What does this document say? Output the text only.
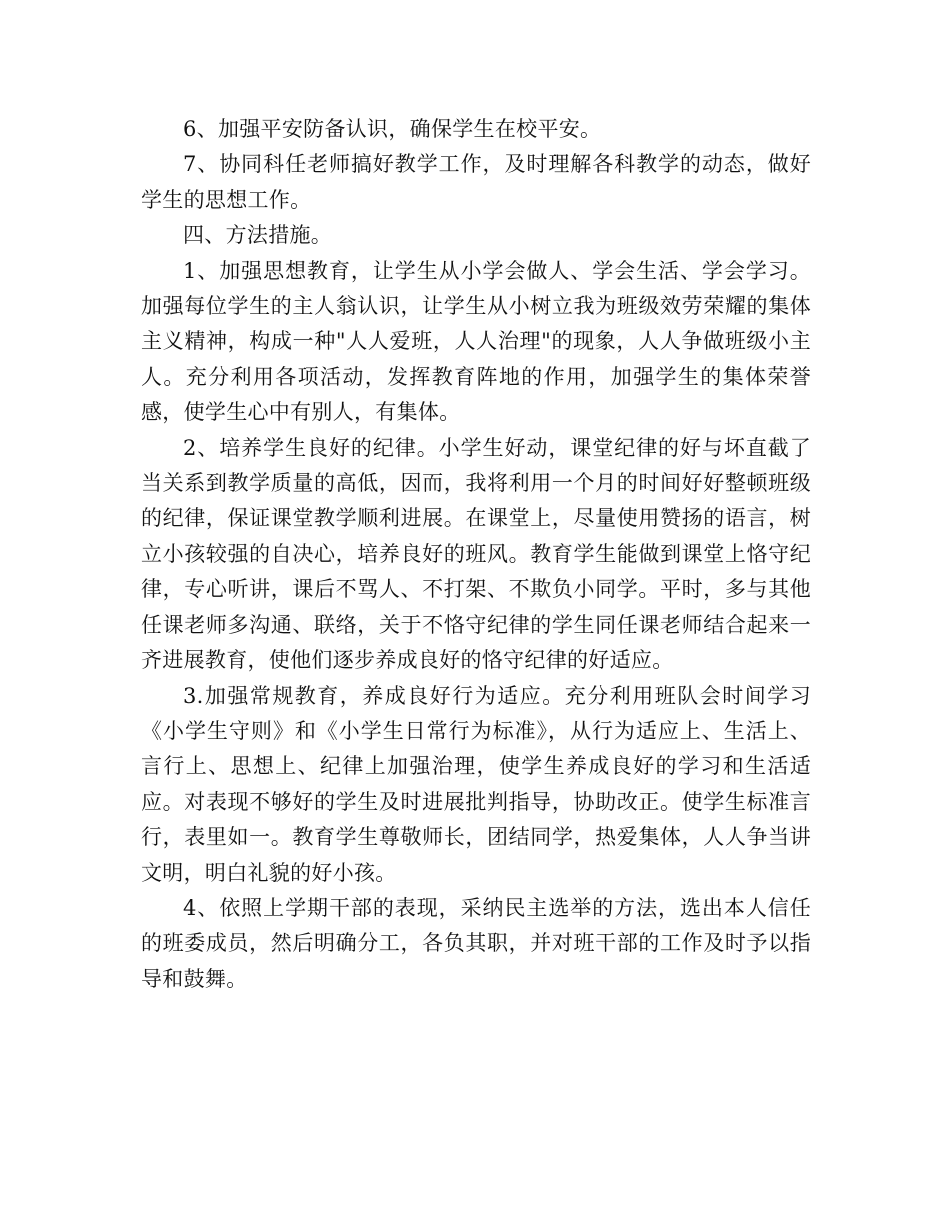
6、加强平安防备认识，确保学生在校平安。

7、协同科任老师搞好教学工作，及时理解各科教学的动态，做好学生的思想工作。

四、方法措施。

1、加强思想教育，让学生从小学会做人、学会生活、学会学习。加强每位学生的主人翁认识，让学生从小树立我为班级效劳荣耀的集体主义精神，构成一种"人人爱班，人人治理"的现象，人人争做班级小主人。充分利用各项活动，发挥教育阵地的作用，加强学生的集体荣誉感，使学生心中有别人，有集体。

2、培养学生良好的纪律。小学生好动，课堂纪律的好与坏直截了当关系到教学质量的高低，因而，我将利用一个月的时间好好整顿班级的纪律，保证课堂教学顺利进展。在课堂上，尽量使用赞扬的语言，树立小孩较强的自决心，培养良好的班风。教育学生能做到课堂上恪守纪律，专心听讲，课后不骂人、不打架、不欺负小同学。平时，多与其他任课老师多沟通、联络，关于不恪守纪律的学生同任课老师结合起来一齐进展教育，使他们逐步养成良好的恪守纪律的好适应。

3.加强常规教育，养成良好行为适应。充分利用班队会时间学习《小学生守则》和《小学生日常行为标准》，从行为适应上、生活上、言行上、思想上、纪律上加强治理，使学生养成良好的学习和生活适应。对表现不够好的学生及时进展批判指导，协助改正。使学生标准言行，表里如一。教育学生尊敬师长，团结同学，热爱集体，人人争当讲文明，明白礼貌的好小孩。

4、依照上学期干部的表现，采纳民主选举的方法，选出本人信任的班委成员，然后明确分工，各负其职，并对班干部的工作及时予以指导和鼓舞。
